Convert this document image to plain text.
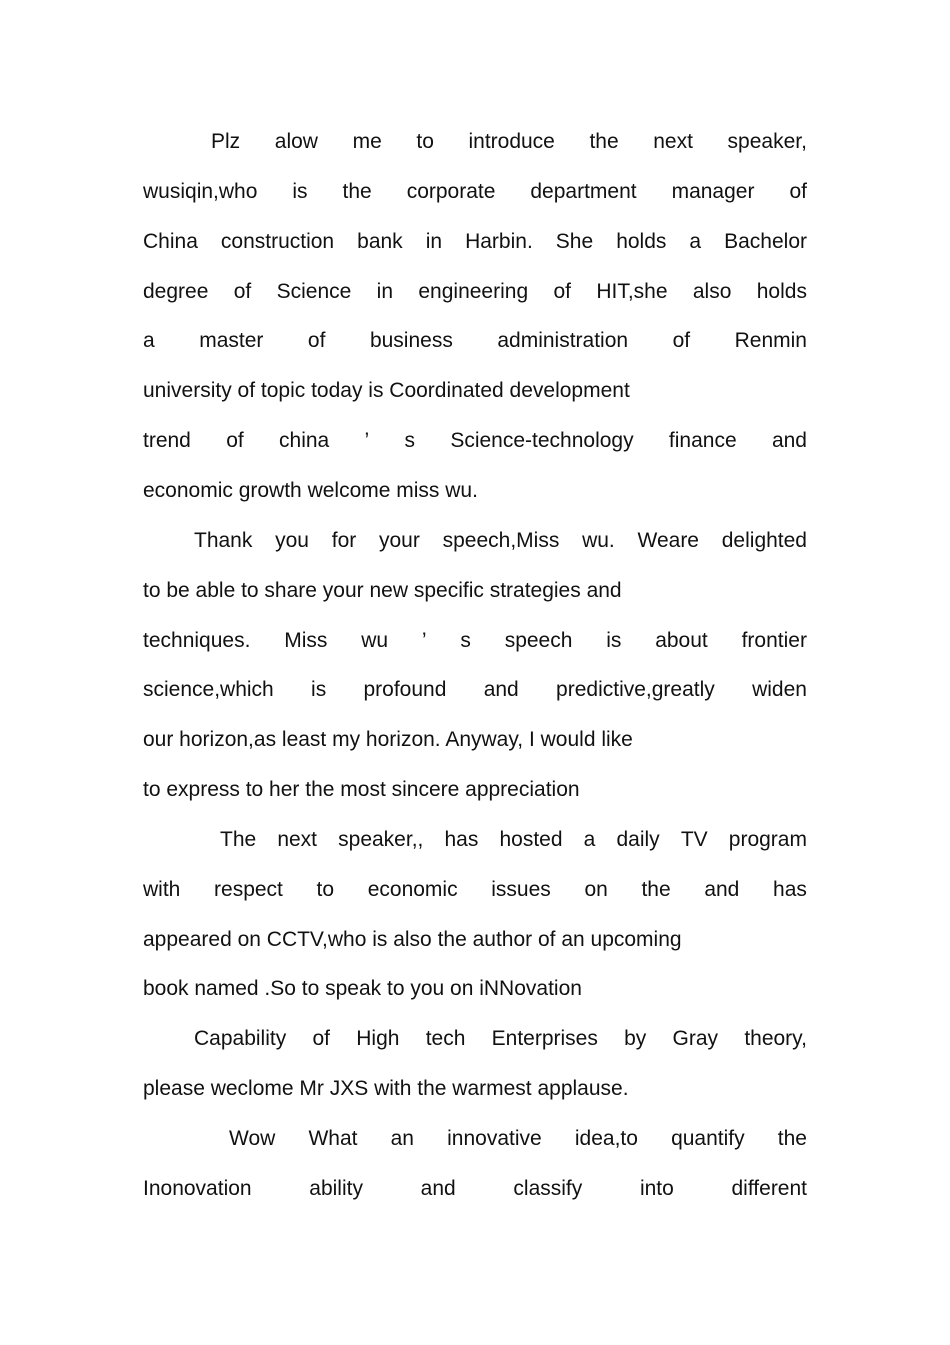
Plz alow me to introduce the next speaker,
wusiqin,who is the corporate department manager of
China construction bank in Harbin. She holds a Bachelor
degree of Science in engineering of HIT,she also holds
a master of business administration of Renmin
university of topic today is Coordinated development
trend of china ’ s Science-technology finance and
economic growth welcome miss wu.
Thank you for your speech,Miss wu. Weare delighted
to be able to share your new specific strategies and
techniques. Miss wu ’ s speech is about frontier
science,which is profound and predictive,greatly widen
our horizon,as least my horizon. Anyway, I would like
to express to her the most sincere appreciation
The next speaker,, has hosted a daily TV program
with respect to economic issues on the and has
appeared on CCTV,who is also the author of an upcoming
book named .So to speak to you on iNNovation
Capability of High tech Enterprises by Gray theory,
please weclome Mr JXS with the warmest applause.
Wow What an innovative idea,to quantify the
Inonovation	ability	and	classify	into	different
